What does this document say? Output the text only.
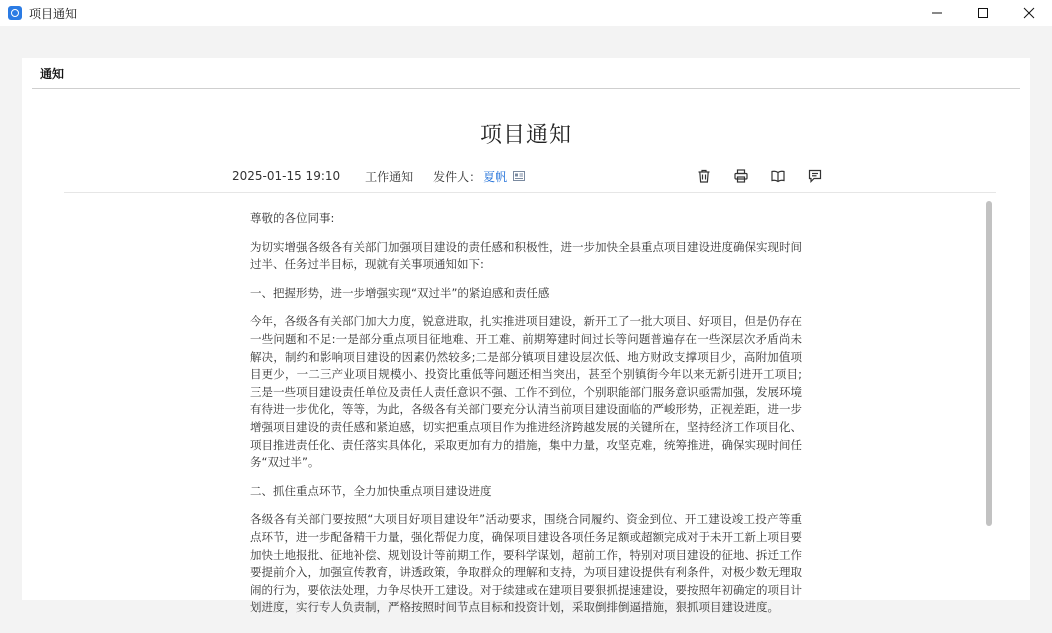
项目通知
通知
项目通知
2025-01-15 19:10 工作通知 发件人： 夏帆

尊敬的各位同事:

为切实增强各级各有关部门加强项目建设的责任感和积极性，进一步加快全县重点项目建设进度确保实现时间过半、任务过半目标，现就有关事项通知如下:

一、把握形势，进一步增强实现“双过半”的紧迫感和责任感

今年，各级各有关部门加大力度，锐意进取，扎实推进项目建设，新开工了一批大项目、好项目，但是仍存在一些问题和不足:一是部分重点项目征地难、开工难、前期筹建时间过长等问题普遍存在一些深层次矛盾尚未解决，制约和影响项目建设的因素仍然较多;二是部分镇项目建设层次低、地方财政支撑项目少，高附加值项目更少，一二三产业项目规模小、投资比重低等问题还相当突出，甚至个别镇街今年以来无新引进开工项目;三是一些项目建设责任单位及责任人责任意识不强、工作不到位，个别职能部门服务意识亟需加强，发展环境有待进一步优化，等等，为此，各级各有关部门要充分认清当前项目建设面临的严峻形势，正视差距，进一步增强项目建设的责任感和紧迫感，切实把重点项目作为推进经济跨越发展的关键所在，坚持经济工作项目化、项目推进责任化、责任落实具体化，采取更加有力的措施，集中力量，攻坚克难，统筹推进，确保实现时间任务“双过半”。

二、抓住重点环节，全力加快重点项目建设进度

各级各有关部门要按照“大项目好项目建设年”活动要求，围绕合同履约、资金到位、开工建设竣工投产等重点环节，进一步配备精干力量，强化帮促力度，确保项目建设各项任务足额或超额完成对于未开工新上项目要加快土地报批、征地补偿、规划设计等前期工作，要科学谋划，超前工作，特别对项目建设的征地、拆迁工作要提前介入，加强宣传教育，讲透政策，争取群众的理解和支持，为项目建设提供有利条件，对极少数无理取闹的行为，要依法处理，力争尽快开工建设。对于续建或在建项目要狠抓提速建设，要按照年初确定的项目计划进度，实行专人负责制，严格按照时间节点目标和投资计划，采取倒排倒逼措施，狠抓项目建设进度。
